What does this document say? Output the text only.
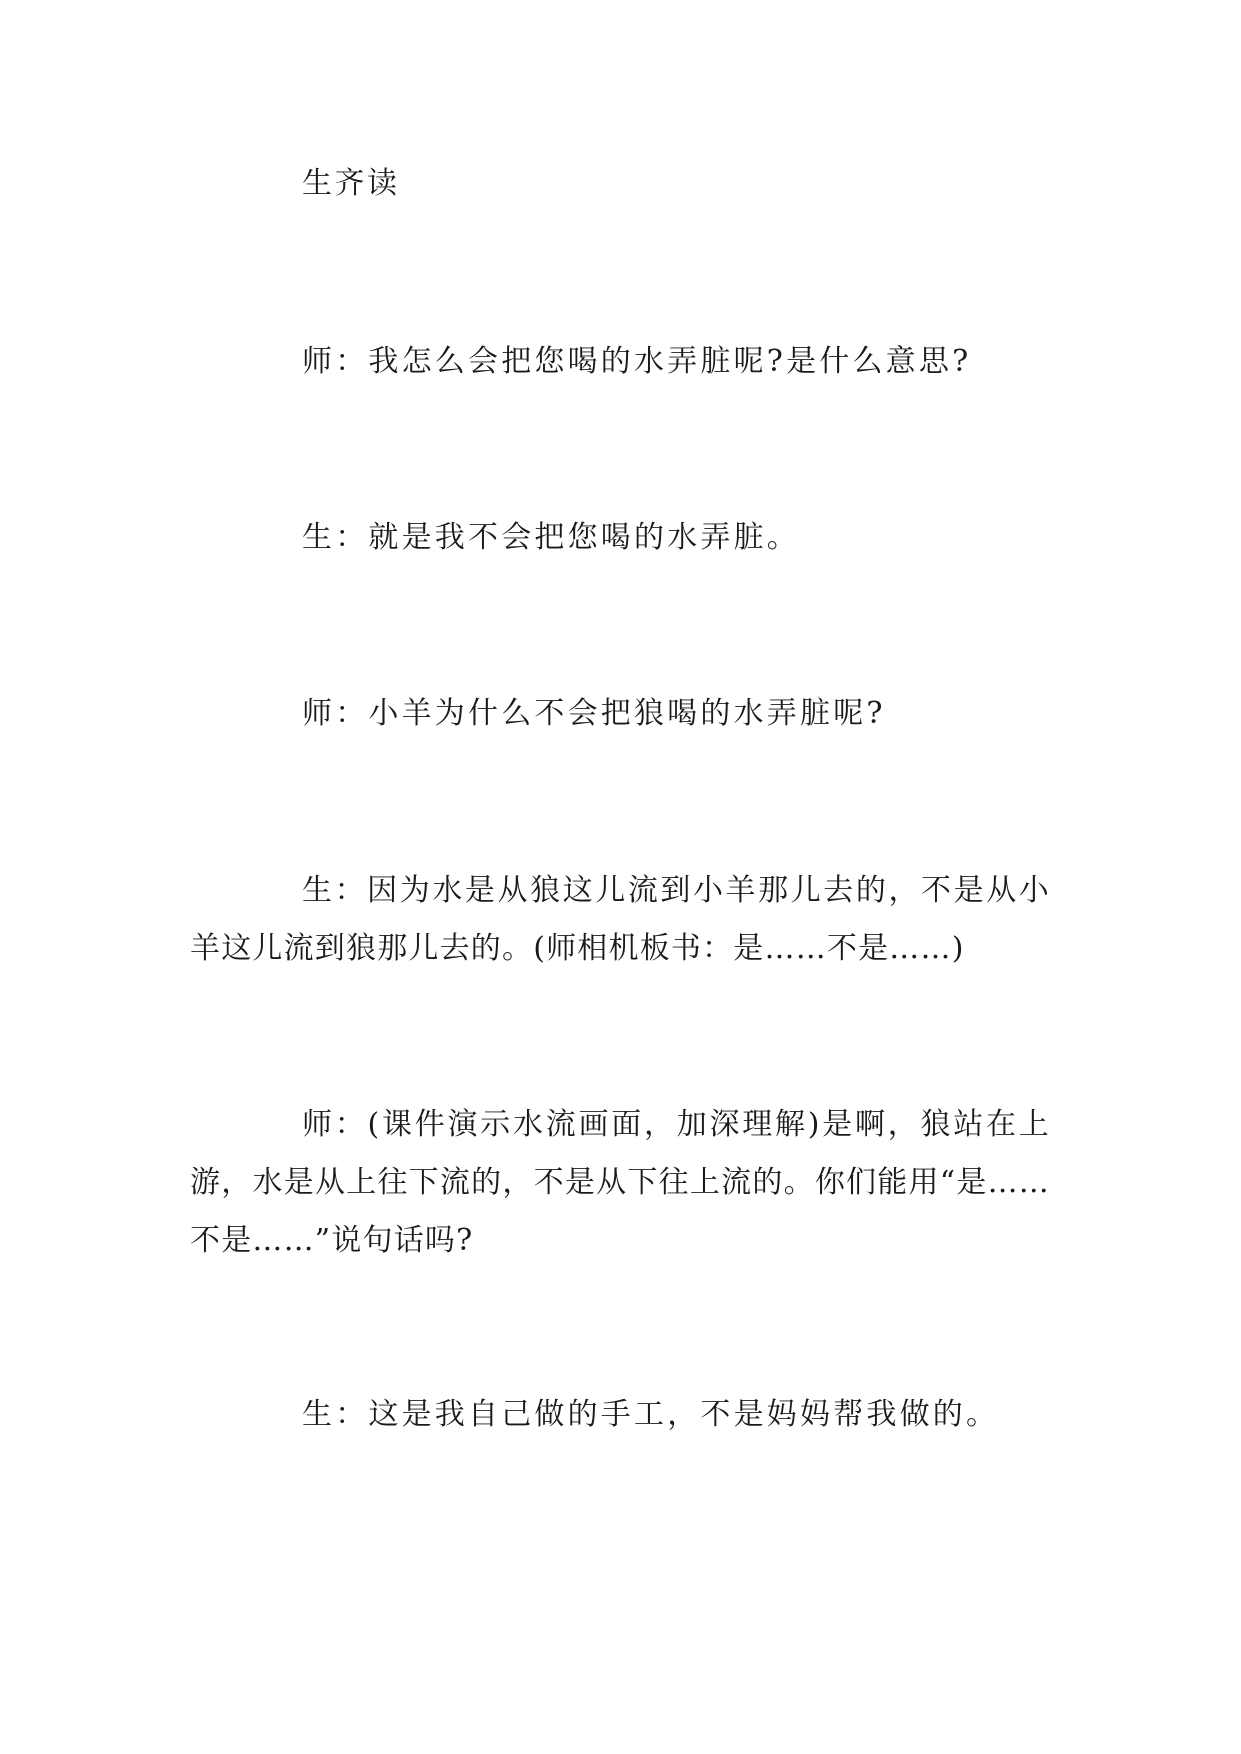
生齐读

师：我怎么会把您喝的水弄脏呢?是什么意思?

生：就是我不会把您喝的水弄脏。

师：小羊为什么不会把狼喝的水弄脏呢?

生：因为水是从狼这儿流到小羊那儿去的，不是从小羊这儿流到狼那儿去的。(师相机板书：是……不是……)

师：(课件演示水流画面，加深理解)是啊，狼站在上游，水是从上往下流的，不是从下往上流的。你们能用“是……不是……”说句话吗?

生：这是我自己做的手工，不是妈妈帮我做的。
